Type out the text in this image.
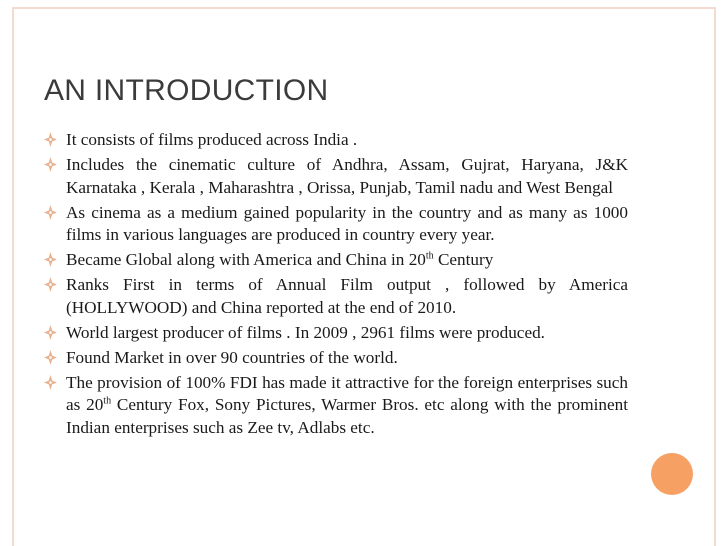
AN INTRODUCTION
It consists of films produced across India .
Includes the cinematic culture of Andhra, Assam, Gujrat, Haryana, J&K Karnataka , Kerala , Maharashtra , Orissa, Punjab, Tamil nadu and West Bengal
As cinema as a medium gained popularity in the country and as many as 1000 films in various languages are produced in country every year.
Became Global along with America and China in 20th Century
Ranks First in terms of Annual Film output , followed by America (HOLLYWOOD) and China reported at the end of 2010.
World largest producer of films . In 2009 , 2961 films were produced.
Found Market in over 90 countries of the world.
The provision of 100% FDI has made it attractive for the foreign enterprises such as 20th Century Fox, Sony Pictures, Warmer Bros. etc along with the prominent Indian enterprises such as Zee tv, Adlabs etc.
